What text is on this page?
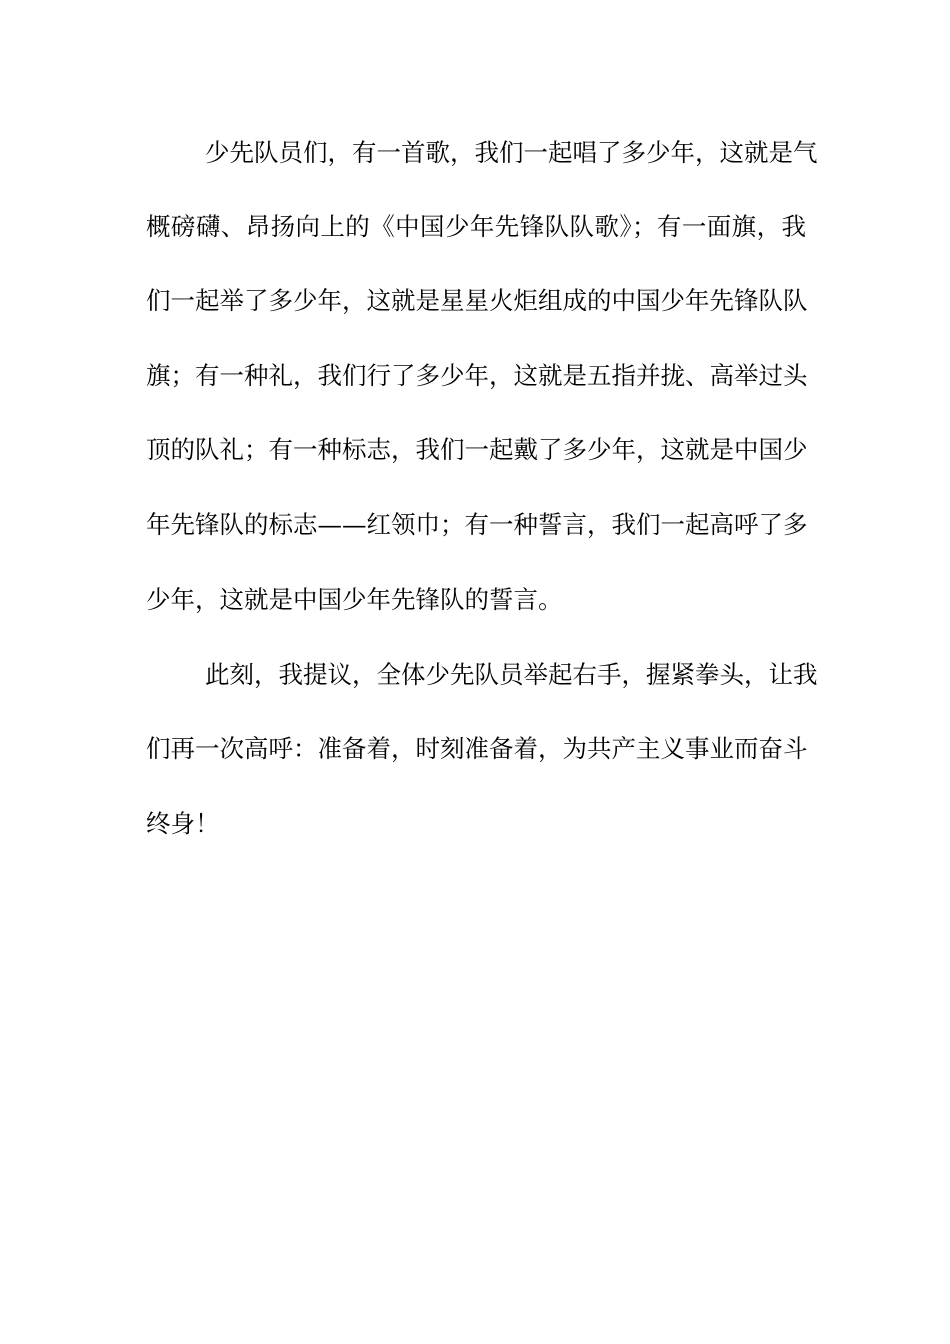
少先队员们，有一首歌，我们一起唱了多少年，这就是气

概磅礴、昂扬向上的《中国少年先锋队队歌》；有一面旗，我

们一起举了多少年，这就是星星火炬组成的中国少年先锋队队

旗；有一种礼，我们行了多少年，这就是五指并拢、高举过头

顶的队礼；有一种标志，我们一起戴了多少年，这就是中国少

年先锋队的标志——红领巾；有一种誓言，我们一起高呼了多

少年，这就是中国少年先锋队的誓言。

此刻，我提议，全体少先队员举起右手，握紧拳头，让我

们再一次高呼：准备着，时刻准备着，为共产主义事业而奋斗

终身！
